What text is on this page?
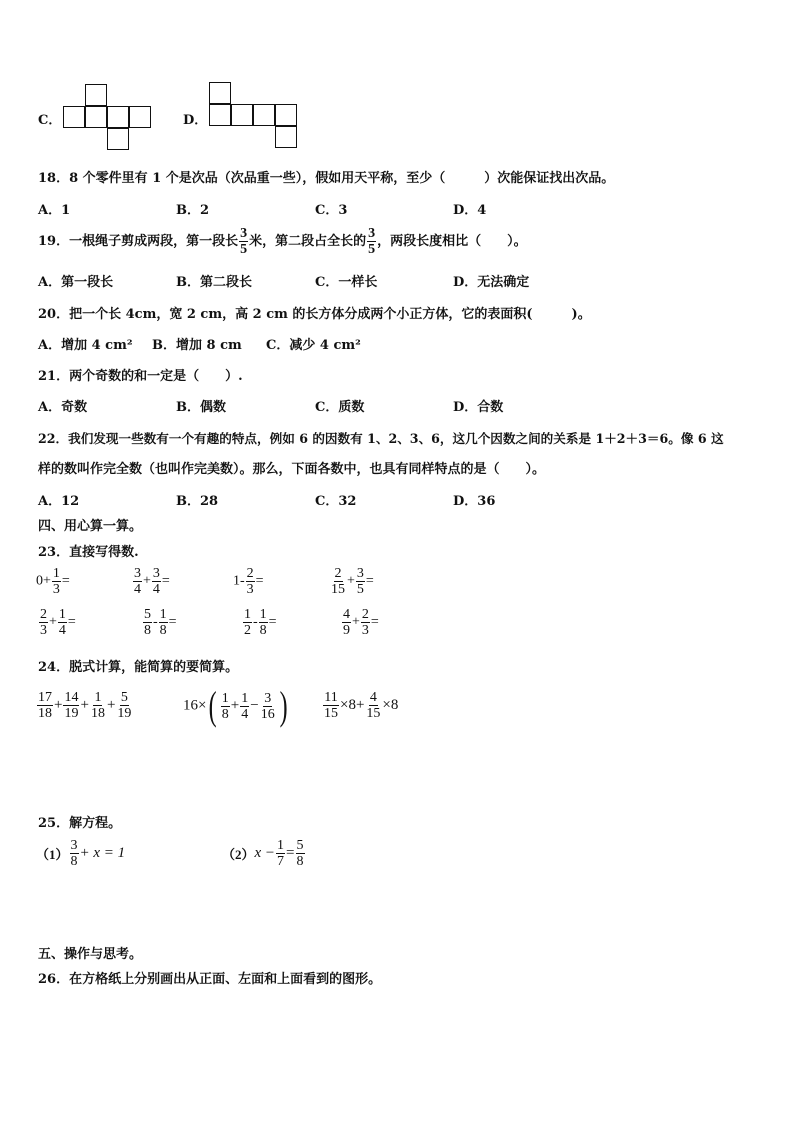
C．	D．
18．8 个零件里有 1 个是次品（次品重一些），假如用天平称，至少（　　　）次能保证找出次品。
A．1	B．2	C．3	D．4
19．一根绳子剪成两段，第一段长 $\frac{3}{5}$ 米，第二段占全长的 $\frac{3}{5}$ ，两段长度相比（　　）。
A．第一段长	B．第二段长	C．一样长	D．无法确定
20．把一个长 4cm，宽 2 cm，高 2 cm 的长方体分成两个小正方体，它的表面积(　　　)。
A．增加 4 cm² B．增加 8 cm C．减少 4 cm²
21．两个奇数的和一定是（　　）.
A．奇数	B．偶数	C．质数	D．合数
22．我们发现一些数有一个有趣的特点，例如 6 的因数有 1、2、3、6，这几个因数之间的关系是 1＋2＋3＝6。像 6 这
样的数叫作完全数（也叫作完美数）。那么，下面各数中，也具有同样特点的是（　　）。
A．12	B．28	C．32	D．36
四、用心算一算。
23．直接写得数.
$0+ \frac{1}{3}$ =	$\frac{3}{4} + \frac{3}{4}$ =	$1- \frac{2}{3}$ =	$\frac{2}{15} + \frac{3}{5}$ =
$\frac{2}{3} + \frac{1}{4}$ =	$\frac{5}{8} - \frac{1}{8}$ =	$\frac{1}{2} - \frac{1}{8}$ =	$\frac{4}{9} + \frac{2}{3}$ =
24．脱式计算，能简算的要简算。
$\frac{17}{18} + \frac{14}{19} + \frac{1}{18} + \frac{5}{19}$	$16\times( \frac{1}{8} + \frac{1}{4} - \frac{3}{16}$ )	$\frac{11}{15} \times 8+ \frac{4}{15} \times 8$
25．解方程。
$(1) \frac{3}{8} + x = 1$	$(2)x - \frac{1}{7} = \frac{5}{8}$
五、操作与思考。
26．在方格纸上分别画出从正面、左面和上面看到的图形。
